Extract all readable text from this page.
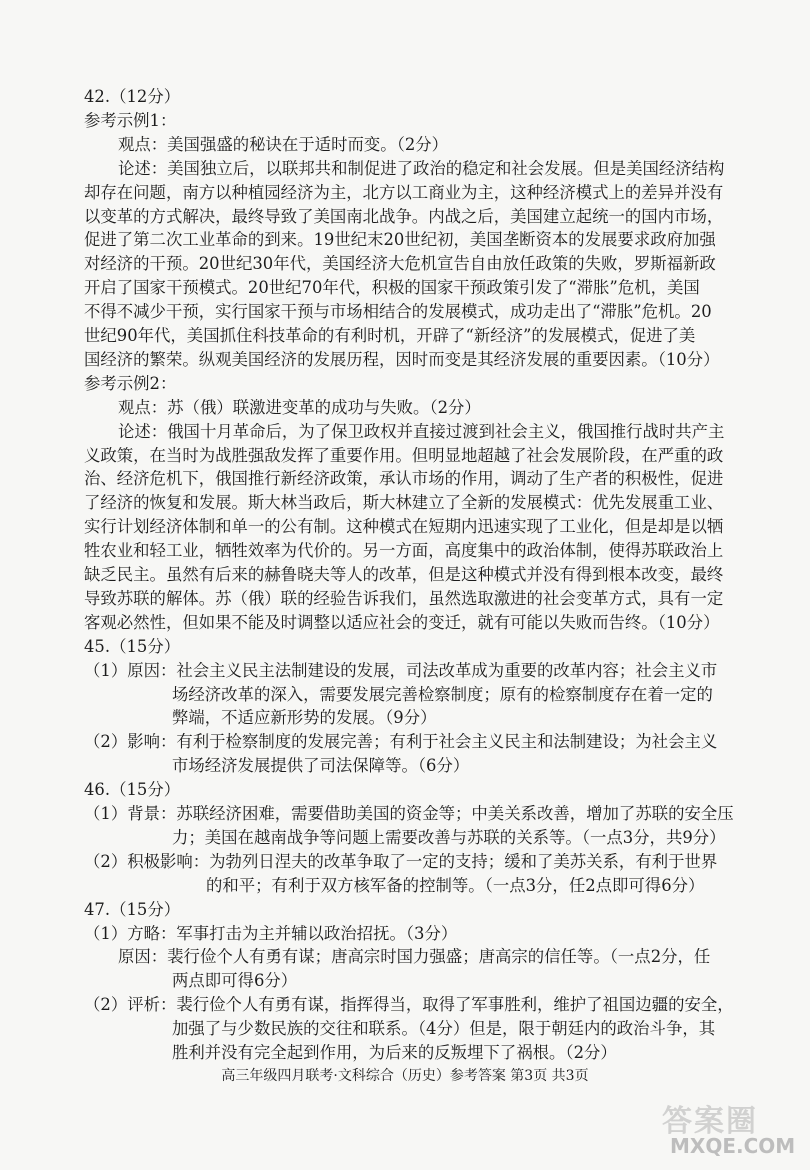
42.（12分）
参考示例1：
观点：美国强盛的秘诀在于适时而变。（2分）
论述：美国独立后，以联邦共和制促进了政治的稳定和社会发展。但是美国经济结构
却存在问题，南方以种植园经济为主，北方以工商业为主，这种经济模式上的差异并没有
以变革的方式解决，最终导致了美国南北战争。内战之后，美国建立起统一的国内市场，
促进了第二次工业革命的到来。19世纪末20世纪初，美国垄断资本的发展要求政府加强
对经济的干预。20世纪30年代，美国经济大危机宣告自由放任政策的失败，罗斯福新政
开启了国家干预模式。20世纪70年代，积极的国家干预政策引发了“滞胀”危机，美国
不得不减少干预，实行国家干预与市场相结合的发展模式，成功走出了“滞胀”危机。20
世纪90年代，美国抓住科技革命的有利时机，开辟了“新经济”的发展模式，促进了美
国经济的繁荣。纵观美国经济的发展历程，因时而变是其经济发展的重要因素。（10分）
参考示例2：
观点：苏（俄）联激进变革的成功与失败。（2分）
论述：俄国十月革命后，为了保卫政权并直接过渡到社会主义，俄国推行战时共产主
义政策，在当时为战胜强敌发挥了重要作用。但明显地超越了社会发展阶段，在严重的政
治、经济危机下，俄国推行新经济政策，承认市场的作用，调动了生产者的积极性，促进
了经济的恢复和发展。斯大林当政后，斯大林建立了全新的发展模式：优先发展重工业、
实行计划经济体制和单一的公有制。这种模式在短期内迅速实现了工业化，但是却是以牺
牲农业和轻工业，牺牲效率为代价的。另一方面，高度集中的政治体制，使得苏联政治上
缺乏民主。虽然有后来的赫鲁晓夫等人的改革，但是这种模式并没有得到根本改变，最终
导致苏联的解体。苏（俄）联的经验告诉我们，虽然选取激进的社会变革方式，具有一定
客观必然性，但如果不能及时调整以适应社会的变迁，就有可能以失败而告终。（10分）
45.（15分）
（1）原因：社会主义民主法制建设的发展，司法改革成为重要的改革内容；社会主义市
场经济改革的深入，需要发展完善检察制度；原有的检察制度存在着一定的
弊端，不适应新形势的发展。（9分）
（2）影响：有利于检察制度的发展完善；有利于社会主义民主和法制建设；为社会主义
市场经济发展提供了司法保障等。（6分）
46.（15分）
（1）背景：苏联经济困难，需要借助美国的资金等；中美关系改善，增加了苏联的安全压
力；美国在越南战争等问题上需要改善与苏联的关系等。（一点3分，共9分）
（2）积极影响：为勃列日涅夫的改革争取了一定的支持；缓和了美苏关系，有利于世界
的和平；有利于双方核军备的控制等。（一点3分，任2点即可得6分）
47.（15分）
（1）方略：军事打击为主并辅以政治招抚。（3分）
原因：裴行俭个人有勇有谋；唐高宗时国力强盛；唐高宗的信任等。（一点2分，任
两点即可得6分）
（2）评析：裴行俭个人有勇有谋，指挥得当，取得了军事胜利，维护了祖国边疆的安全，
加强了与少数民族的交往和联系。（4分）但是，限于朝廷内的政治斗争，其
胜利并没有完全起到作用，为后来的反叛埋下了祸根。（2分）
高三年级四月联考·文科综合（历史）参考答案 第3页 共3页
答案圈
MXQE.COM
